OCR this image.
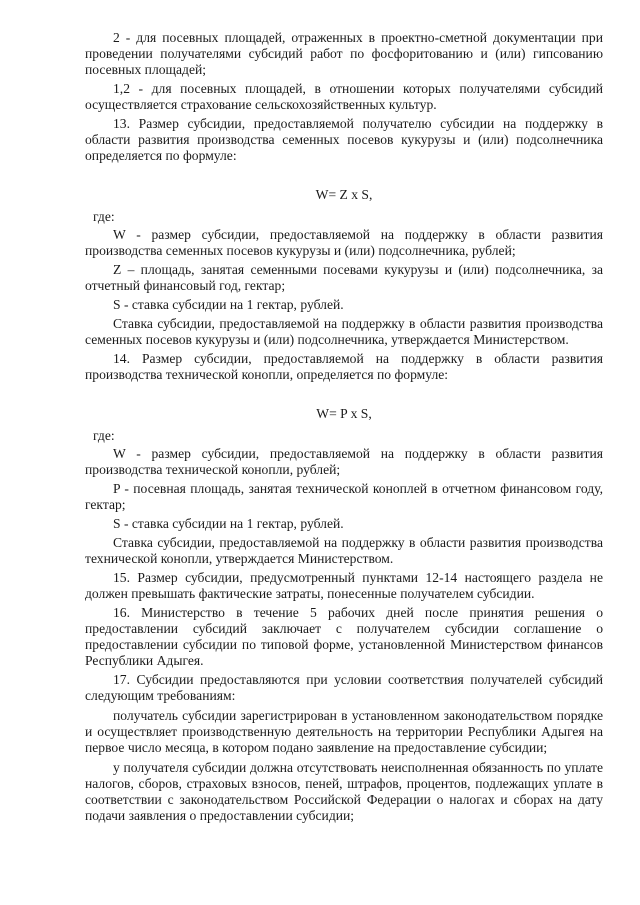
2 - для посевных площадей, отраженных в проектно-сметной документации при проведении получателями субсидий работ по фосфоритованию и (или) гипсованию посевных площадей;

1,2 - для посевных площадей, в отношении которых получателями субсидий осуществляется страхование сельскохозяйственных культур.

13. Размер субсидии, предоставляемой получателю субсидии на поддержку в области развития производства семенных посевов кукурузы и (или) подсолнечника определяется по формуле:

W= Z x S,

где:

W - размер субсидии, предоставляемой на поддержку в области развития производства семенных посевов кукурузы и (или) подсолнечника, рублей;

Z – площадь, занятая семенными посевами кукурузы и (или) подсолнечника, за отчетный финансовый год, гектар;

S - ставка субсидии на 1 гектар, рублей.

Ставка субсидии, предоставляемой на поддержку в области развития производства семенных посевов кукурузы и (или) подсолнечника, утверждается Министерством.

14. Размер субсидии, предоставляемой на поддержку в области развития производства технической конопли, определяется по формуле:

W= P x S,

где:

W - размер субсидии, предоставляемой на поддержку в области развития производства технической конопли, рублей;

P - посевная площадь, занятая технической коноплей в отчетном финансовом году, гектар;

S - ставка субсидии на 1 гектар, рублей.

Ставка субсидии, предоставляемой на поддержку в области развития производства технической конопли, утверждается Министерством.

15. Размер субсидии, предусмотренный пунктами 12-14 настоящего раздела не должен превышать фактические затраты, понесенные получателем субсидии.

16. Министерство в течение 5 рабочих дней после принятия решения о предоставлении субсидий заключает с получателем субсидии соглашение о предоставлении субсидии по типовой форме, установленной Министерством финансов Республики Адыгея.

17. Субсидии предоставляются при условии соответствия получателей субсидий следующим требованиям:

получатель субсидии зарегистрирован в установленном законодательством порядке и осуществляет производственную деятельность на территории Республики Адыгея на первое число месяца, в котором подано заявление на предоставление субсидии;

у получателя субсидии должна отсутствовать неисполненная обязанность по уплате налогов, сборов, страховых взносов, пеней, штрафов, процентов, подлежащих уплате в соответствии с законодательством Российской Федерации о налогах и сборах на дату подачи заявления о предоставлении субсидии;
